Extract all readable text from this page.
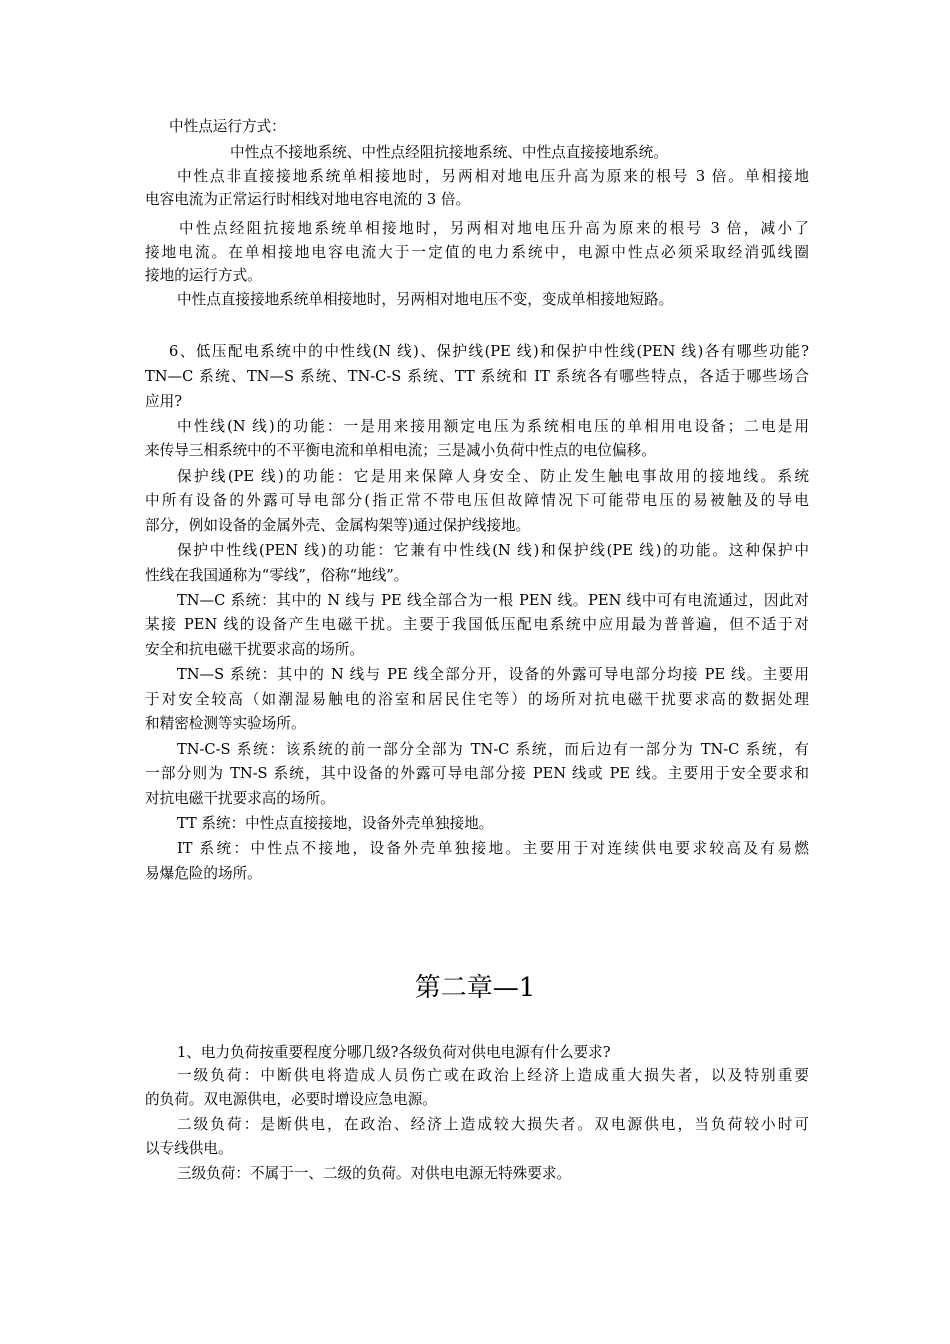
中性点运行方式：
中性点不接地系统、中性点经阻抗接地系统、中性点直接接地系统。
中性点非直接接地系统单相接地时，另两相对地电压升高为原来的根号 3 倍。单相接地
电容电流为正常运行时相线对地电容电流的 3 倍。
中性点经阻抗接地系统单相接地时，另两相对地电压升高为原来的根号 3 倍，减小了
接地电流。在单相接地电容电流大于一定值的电力系统中，电源中性点必须采取经消弧线圈
接地的运行方式。
中性点直接接地系统单相接地时，另两相对地电压不变，变成单相接地短路。
6、低压配电系统中的中性线(N 线)、保护线(PE 线)和保护中性线(PEN 线)各有哪些功能?
TN—C 系统、TN—S 系统、TN-C-S 系统、TT 系统和 IT 系统各有哪些特点，各适于哪些场合
应用?
中性线(N 线)的功能：一是用来接用额定电压为系统相电压的单相用电设备；二电是用
来传导三相系统中的不平衡电流和单相电流；三是减小负荷中性点的电位偏移。
保护线(PE 线)的功能：它是用来保障人身安全、防止发生触电事故用的接地线。系统
中所有设备的外露可导电部分(指正常不带电压但故障情况下可能带电压的易被触及的导电
部分，例如设备的金属外壳、金属构架等)通过保护线接地。
保护中性线(PEN 线)的功能：它兼有中性线(N 线)和保护线(PE 线)的功能。这种保护中
性线在我国通称为“零线”，俗称“地线”。
TN—C 系统：其中的 N 线与 PE 线全部合为一根 PEN 线。PEN 线中可有电流通过，因此对
某接 PEN 线的设备产生电磁干扰。主要于我国低压配电系统中应用最为普普遍，但不适于对
安全和抗电磁干扰要求高的场所。
TN—S 系统：其中的 N 线与 PE 线全部分开，设备的外露可导电部分均接 PE 线。主要用
于对安全较高（如潮湿易触电的浴室和居民住宅等）的场所对抗电磁干扰要求高的数据处理
和精密检测等实验场所。
TN-C-S 系统：该系统的前一部分全部为 TN-C 系统，而后边有一部分为 TN-C 系统，有
一部分则为 TN-S 系统，其中设备的外露可导电部分接 PEN 线或 PE 线。主要用于安全要求和
对抗电磁干扰要求高的场所。
TT 系统：中性点直接接地，设备外壳单独接地。
IT 系统：中性点不接地，设备外壳单独接地。主要用于对连续供电要求较高及有易燃
易爆危险的场所。
第二章—1
1、电力负荷按重要程度分哪几级?各级负荷对供电电源有什么要求?
一级负荷：中断供电将造成人员伤亡或在政治上经济上造成重大损失者，以及特别重要
的负荷。双电源供电，必要时增设应急电源。
二级负荷：是断供电，在政治、经济上造成较大损失者。双电源供电，当负荷较小时可
以专线供电。
三级负荷：不属于一、二级的负荷。对供电电源无特殊要求。
